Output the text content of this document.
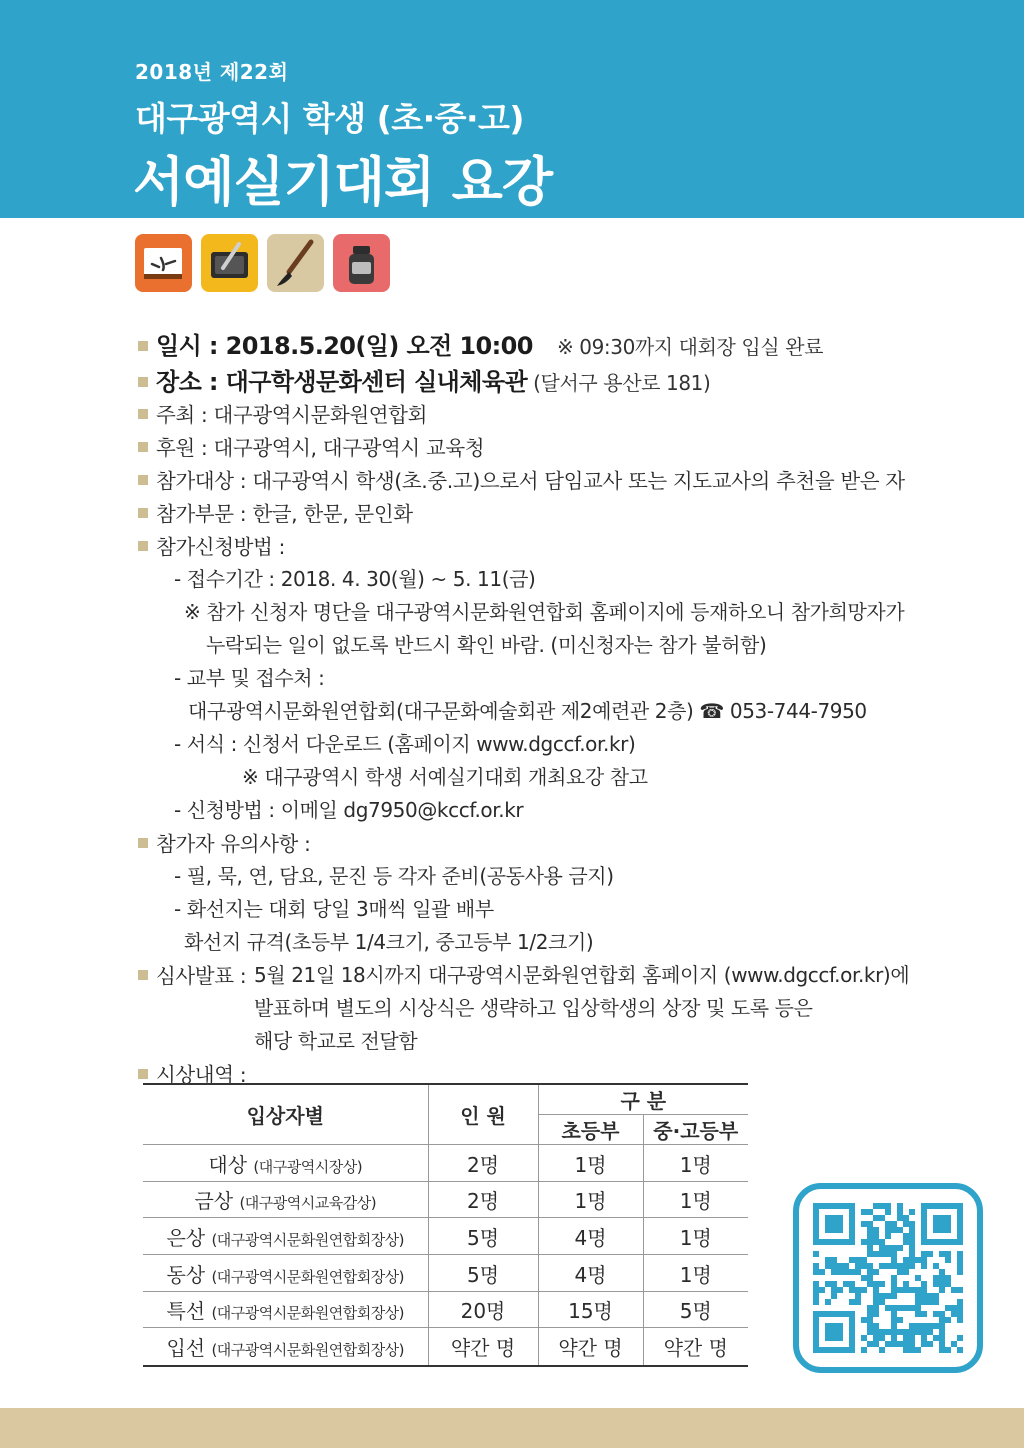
2018년 제22회
대구광역시 학생 (초·중·고)
서예실기대회 요강
일시 : 2018.5.20(일) 오전 10:00 ※ 09:30까지 대회장 입실 완료
장소 : 대구학생문화센터 실내체육관 (달서구 용산로 181)
주최 : 대구광역시문화원연합회
후원 : 대구광역시, 대구광역시 교육청
참가대상 : 대구광역시 학생(초.중.고)으로서 담임교사 또는 지도교사의 추천을 받은 자
참가부문 : 한글, 한문, 문인화
참가신청방법 :
- 접수기간 : 2018. 4. 30(월) ~ 5. 11(금)
※ 참가 신청자 명단을 대구광역시문화원연합회 홈페이지에 등재하오니 참가희망자가
누락되는 일이 없도록 반드시 확인 바람. (미신청자는 참가 불허함)
- 교부 및 접수처 :
대구광역시문화원연합회(대구문화예술회관 제2예련관 2층) ☎ 053-744-7950
- 서식 : 신청서 다운로드 (홈페이지 www.dgccf.or.kr)
※ 대구광역시 학생 서예실기대회 개최요강 참고
- 신청방법 : 이메일 dg7950@kccf.or.kr
참가자 유의사항 :
- 필, 묵, 연, 담요, 문진 등 각자 준비(공동사용 금지)
- 화선지는 대회 당일 3매씩 일괄 배부
화선지 규격(초등부 1/4크기, 중고등부 1/2크기)
심사발표 : 5월 21일 18시까지 대구광역시문화원연합회 홈페이지 (www.dgccf.or.kr)에
발표하며 별도의 시상식은 생략하고 입상학생의 상장 및 도록 등은
해당 학교로 전달함
시상내역 :
입상자별	인 원	구 분	
		초등부	중·고등부
대상 (대구광역시장상)	2명	1명	1명
금상 (대구광역시교육감상)	2명	1명	1명
은상 (대구광역시문화원연합회장상)	5명	4명	1명
동상 (대구광역시문화원연합회장상)	5명	4명	1명
특선 (대구광역시문화원연합회장상)	20명	15명	5명
입선 (대구광역시문화원연합회장상)	약간 명	약간 명	약간 명
